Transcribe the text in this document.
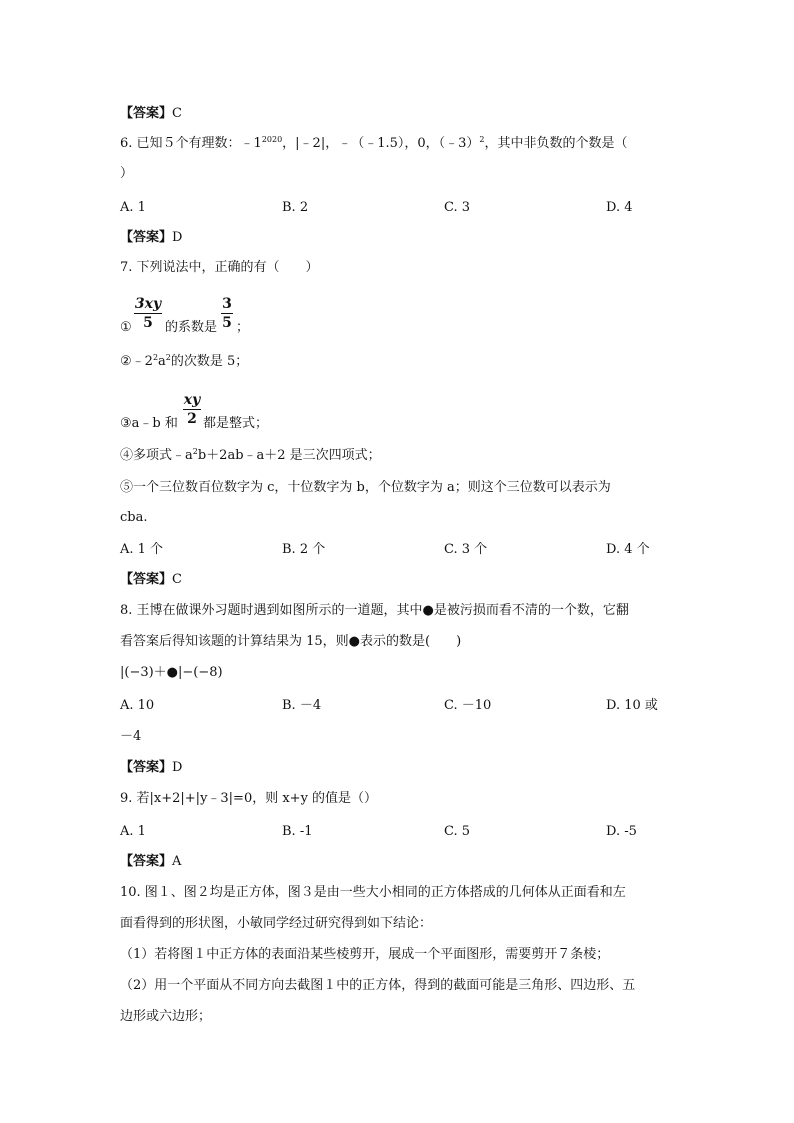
【答案】C
6. 已知５个有理数：$﹣1^{2020}$，|﹣2|，﹣（﹣1.5），0，（﹣3）$^2$，其中非负数的个数是（
）
A. 1	B. 2	C. 3	D. 4
【答案】D
7. 下列说法中，正确的有（　　）
①
3xy
5 的系数是
3
5 ；
$②﹣2^2a^2$的次数是 5；
③a﹣b 和
xy
2 都是整式；
④多项式$﹣a^2b+2ab﹣a+2$ 是三次四项式；
⑤一个三位数百位数字为 c，十位数字为 b，个位数字为 a；则这个三位数可以表示为
cba.
A. 1 个	B. 2 个	C. 3 个	D. 4 个
【答案】C
8. 王博在做课外习题时遇到如图所示的一道题，其中●是被污损而看不清的一个数，它翻
看答案后得知该题的计算结果为 15，则●表示的数是(　　)
|(−3)＋●|−(−8)
A. 10	B. －4	C. －10	D. 10 或
－4
【答案】D
9. 若|x+2|+|y﹣3|=0，则 x+y 的值是（）
A. 1	B. -1	C. 5	D. -5
【答案】A
10. 图１、图２均是正方体，图３是由一些大小相同的正方体搭成的几何体从正面看和左
面看得到的形状图，小敏同学经过研究得到如下结论：
（1）若将图１中正方体的表面沿某些棱剪开，展成一个平面图形，需要剪开７条棱；
（2）用一个平面从不同方向去截图１中的正方体，得到的截面可能是三角形、四边形、五
边形或六边形；
